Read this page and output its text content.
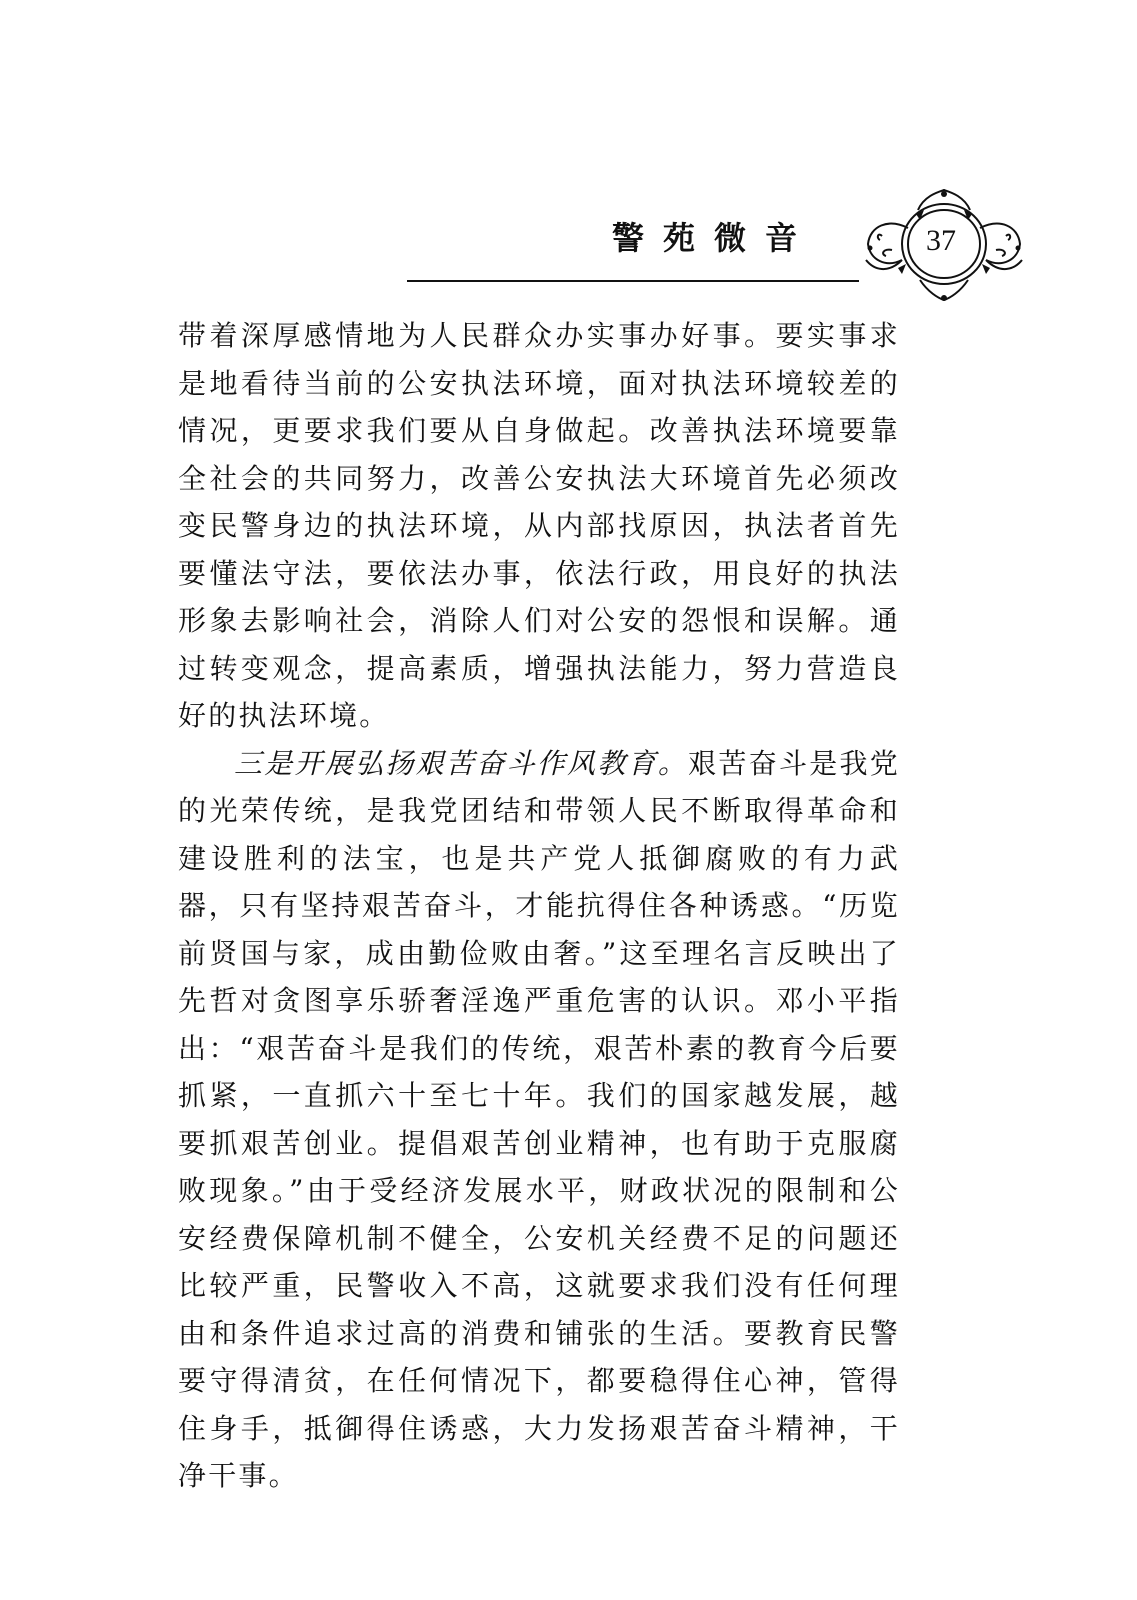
警苑微音	37

带着深厚感情地为人民群众办实事办好事。要实事求是地看待当前的公安执法环境，面对执法环境较差的情况，更要求我们要从自身做起。改善执法环境要靠全社会的共同努力，改善公安执法大环境首先必须改变民警身边的执法环境，从内部找原因，执法者首先要懂法守法，要依法办事，依法行政，用良好的执法形象去影响社会，消除人们对公安的怨恨和误解。通过转变观念，提高素质，增强执法能力，努力营造良好的执法环境。

三是开展弘扬艰苦奋斗作风教育。艰苦奋斗是我党的光荣传统，是我党团结和带领人民不断取得革命和建设胜利的法宝，也是共产党人抵御腐败的有力武器，只有坚持艰苦奋斗，才能抗得住各种诱惑。“历览前贤国与家，成由勤俭败由奢。”这至理名言反映出了先哲对贪图享乐骄奢淫逸严重危害的认识。邓小平指出：“艰苦奋斗是我们的传统，艰苦朴素的教育今后要抓紧，一直抓六十至七十年。我们的国家越发展，越要抓艰苦创业。提倡艰苦创业精神，也有助于克服腐败现象。”由于受经济发展水平，财政状况的限制和公安经费保障机制不健全，公安机关经费不足的问题还比较严重，民警收入不高，这就要求我们没有任何理由和条件追求过高的消费和铺张的生活。要教育民警要守得清贫，在任何情况下，都要稳得住心神，管得住身手，抵御得住诱惑，大力发扬艰苦奋斗精神，干净干事。
